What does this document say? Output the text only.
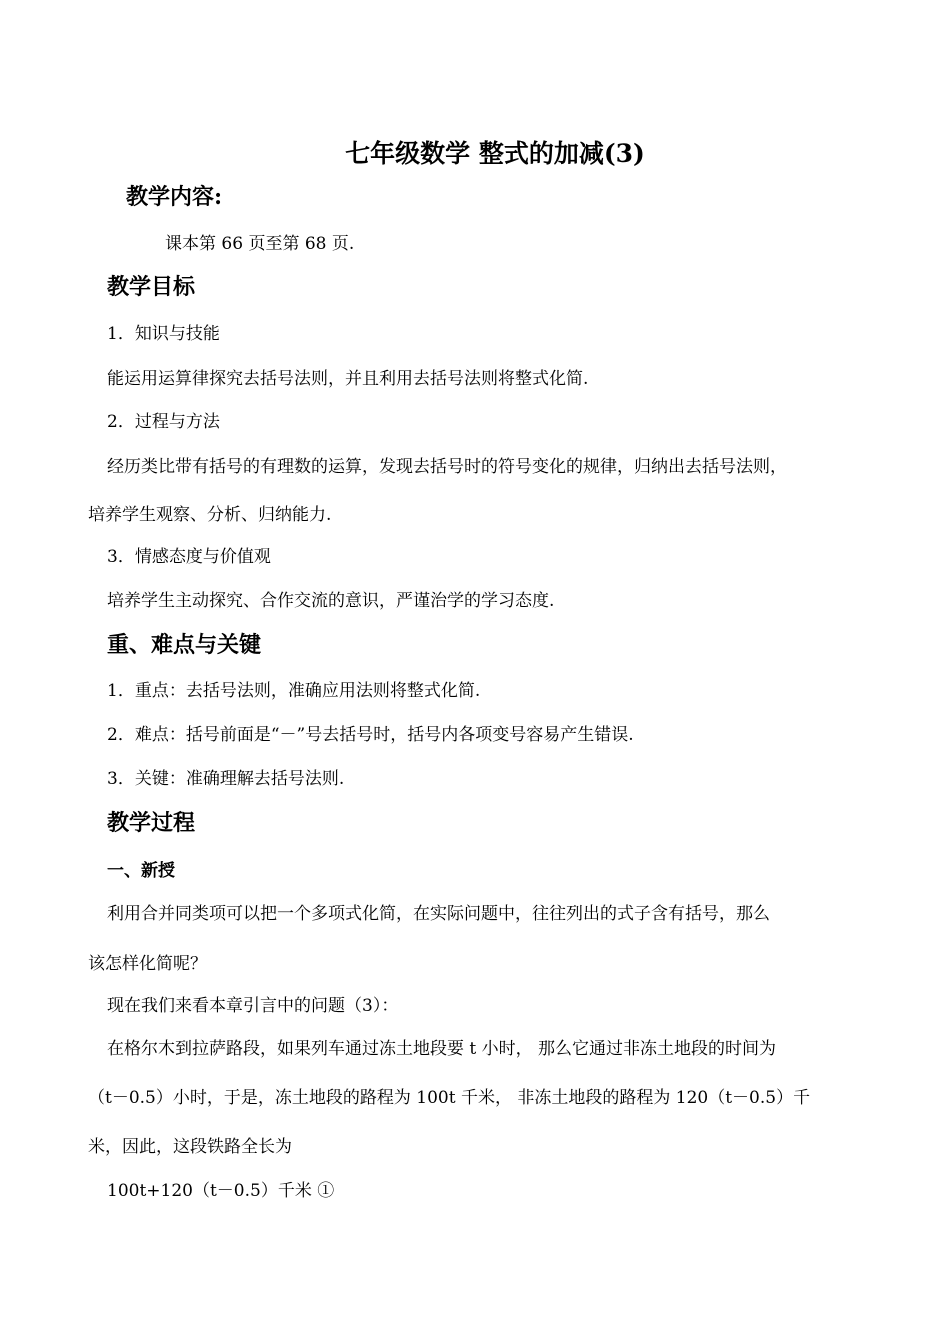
七年级数学 整式的加减(3)
教学内容:
课本第 66 页至第 68 页.
教学目标
1．知识与技能
能运用运算律探究去括号法则，并且利用去括号法则将整式化简.
2．过程与方法
经历类比带有括号的有理数的运算，发现去括号时的符号变化的规律，归纳出去括号法则，
培养学生观察、分析、归纳能力.
3．情感态度与价值观
培养学生主动探究、合作交流的意识，严谨治学的学习态度.
重、难点与关键
1．重点：去括号法则，准确应用法则将整式化简.
2．难点：括号前面是“－”号去括号时，括号内各项变号容易产生错误.
3．关键：准确理解去括号法则.
教学过程
一、新授
利用合并同类项可以把一个多项式化简，在实际问题中，往往列出的式子含有括号，那么
该怎样化简呢？
现在我们来看本章引言中的问题（3）：
在格尔木到拉萨路段，如果列车通过冻土地段要 t 小时， 那么它通过非冻土地段的时间为
（t－0.5）小时，于是，冻土地段的路程为 100t 千米， 非冻土地段的路程为 120（t－0.5）千
米，因此，这段铁路全长为
100t+120（t－0.5）千米 ①
